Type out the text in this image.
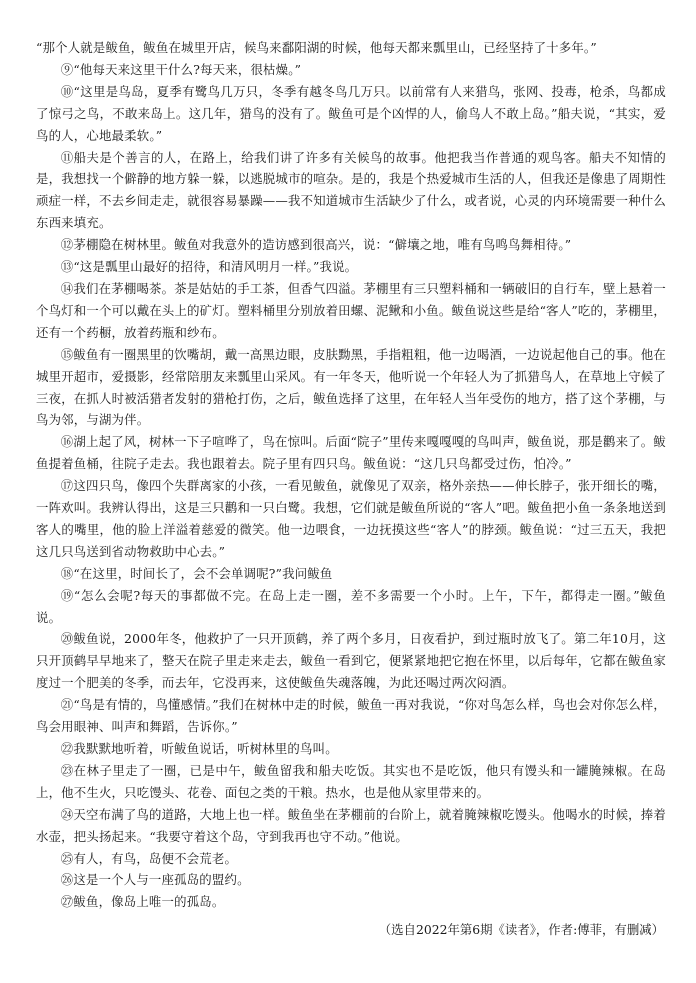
“那个人就是鲅鱼，鲅鱼在城里开店，候鸟来鄱阳湖的时候，他每天都来瓢里山，已经坚持了十多年。”

⑨“他每天来这里干什么?每天来，很枯燥。”

⑩“这里是鸟岛，夏季有鹭鸟几万只，冬季有越冬鸟几万只。以前常有人来猎鸟，张网、投毒，枪杀，鸟都成了惊弓之鸟，不敢来岛上。这几年，猎鸟的没有了。鲅鱼可是个凶悍的人，偷鸟人不敢上岛。”船夫说，“其实，爱鸟的人，心地最柔软。”

⑪船夫是个善言的人，在路上，给我们讲了许多有关候鸟的故事。他把我当作普通的观鸟客。船夫不知情的是，我想找一个僻静的地方躲一躲，以逃脱城市的喧杂。是的，我是个热爱城市生活的人，但我还是像患了周期性顽症一样，不去乡间走走，就很容易暴躁——我不知道城市生活缺少了什么，或者说，心灵的内环境需要一种什么东西来填充。

⑫茅棚隐在树林里。鲅鱼对我意外的造访感到很高兴，说：“僻壤之地，唯有鸟鸣鸟舞相待。”

⑬“这是瓢里山最好的招待，和清风明月一样。”我说。

⑭我们在茅棚喝茶。茶是姑姑的手工茶，但香气四溢。茅棚里有三只塑料桶和一辆破旧的自行车，壁上悬着一个鸟灯和一个可以戴在头上的矿灯。塑料桶里分别放着田螺、泥鳅和小鱼。鲅鱼说这些是给“客人”吃的，茅棚里，还有一个药橱，放着药瓶和纱布。

⑮鲅鱼有一圈黑里的饮嘴胡，戴一高黑边眼，皮肤黝黑，手指粗粗，他一边喝酒，一边说起他自己的事。他在城里开超市，爱摄影，经常陪朋友来瓢里山采风。有一年冬天，他听说一个年轻人为了抓猎鸟人，在草地上守候了三夜，在抓人时被活猎者发射的猎枪打伤，之后，鲅鱼选择了这里，在年轻人当年受伤的地方，搭了这个茅棚，与鸟为邻，与湖为伴。

⑯湖上起了风，树林一下子喧哗了，鸟在惊叫。后面“院子”里传来嘎嘎嘎的鸟叫声，鲅鱼说，那是鹳来了。鲅鱼提着鱼桶，往院子走去。我也跟着去。院子里有四只鸟。鲅鱼说：“这几只鸟都受过伤，怕冷。”

⑰这四只鸟，像四个失群离家的小孩，一看见鲅鱼，就像见了双亲，格外亲热——伸长脖子，张开细长的嘴，一阵欢叫。我辨认得出，这是三只鹳和一只白鹭。我想，它们就是鲅鱼所说的“客人”吧。鲅鱼把小鱼一条条地送到客人的嘴里，他的脸上洋溢着慈爱的微笑。他一边喂食，一边抚摸这些“客人”的脖颈。鲅鱼说：“过三五天，我把这几只鸟送到省动物救助中心去。”

⑱“在这里，时间长了，会不会单调呢?”我问鲅鱼

⑲“怎么会呢?每天的事都做不完。在岛上走一圈，差不多需要一个小时。上午，下午，都得走一圈。”鲅鱼说。

⑳鲅鱼说，2000年冬，他救护了一只开顶鹤，养了两个多月，日夜看护，到过瓶时放飞了。第二年10月，这只开顶鹤早早地来了，整天在院子里走来走去，鲅鱼一看到它，便紧紧地把它抱在怀里，以后每年，它都在鲅鱼家度过一个肥美的冬季，而去年，它没再来，这使鲅鱼失魂落魄，为此还喝过两次闷酒。

㉑“鸟是有情的，鸟懂感情。”我们在树林中走的时候，鲅鱼一再对我说，“你对鸟怎么样，鸟也会对你怎么样，鸟会用眼神、叫声和舞蹈，告诉你。”

㉒我默默地听着，听鲅鱼说话，听树林里的鸟叫。

㉓在林子里走了一圈，已是中午，鲅鱼留我和船夫吃饭。其实也不是吃饭，他只有馒头和一罐腌辣椒。在岛上，他不生火，只吃馒头、花卷、面包之类的干粮。热水，也是他从家里带来的。

㉔天空布满了鸟的道路，大地上也一样。鲅鱼坐在茅棚前的台阶上，就着腌辣椒吃馒头。他喝水的时候，捧着水壶，把头扬起来。“我要守着这个岛，守到我再也守不动。”他说。

㉕有人，有鸟，岛便不会荒老。

㉖这是一个人与一座孤岛的盟约。

㉗鲅鱼，像岛上唯一的孤岛。

（选自2022年第6期《读者》，作者:傅菲，有删减）
